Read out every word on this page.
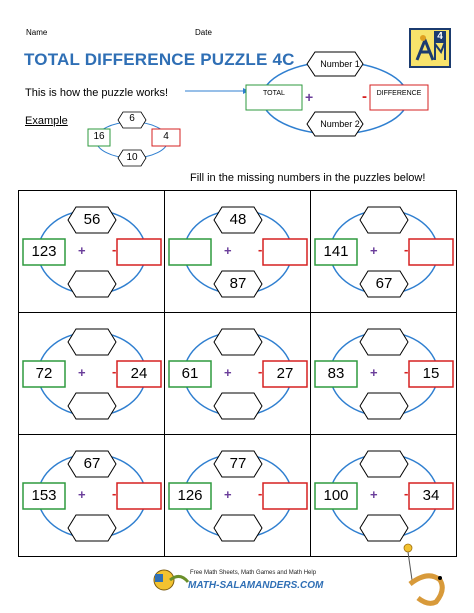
Name	Date
TOTAL DIFFERENCE PUZZLE 4C
4
This is how the puzzle works!
Number 1
Number 2
TOTAL	DIFFERENCE
+	-
Example	6
16	4
10
Fill in the missing numbers in the puzzles below!
56
123	+ -
48
87
+ -
67
141	+ -
72	24
+ -	61	27
+ -	83	15
+ -
67
153	+ -
77
126	+ -	100	34
+ -
Free Math Sheets, Math Games and Math Help
MATH-SALAMANDERS.COM
